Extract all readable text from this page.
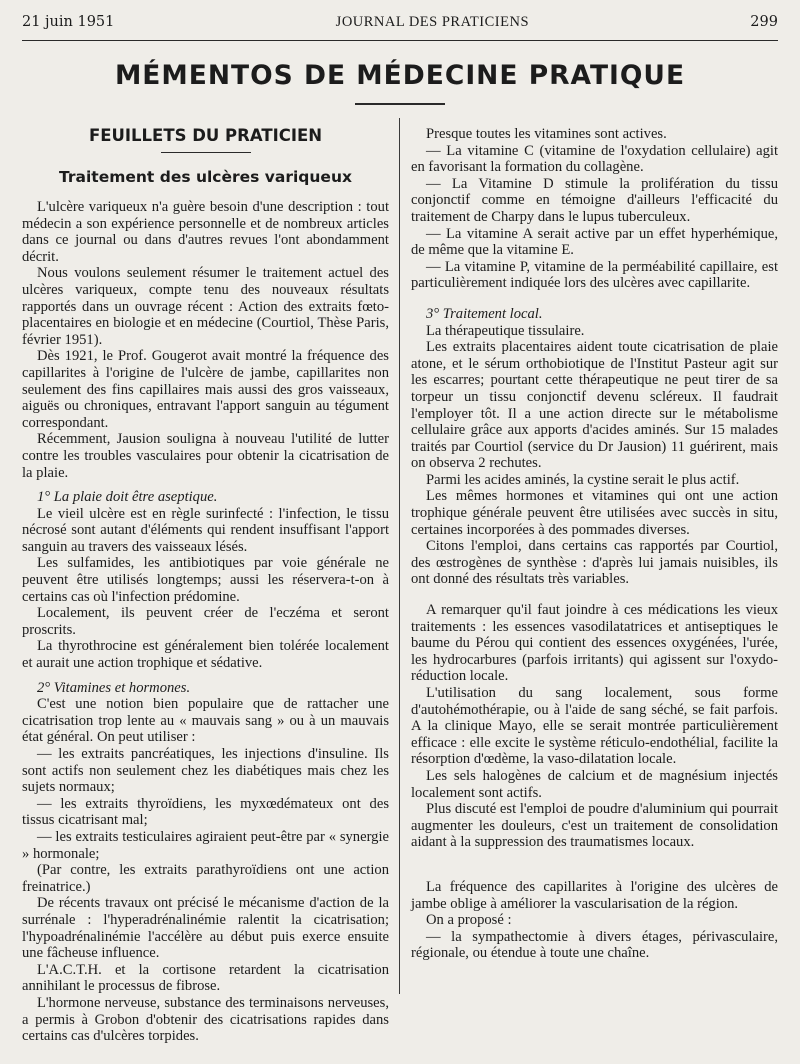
21 juin 1951	JOURNAL DES PRATICIENS	299
MÉMENTOS DE MÉDECINE PRATIQUE
FEUILLETS DU PRATICIEN
Traitement des ulcères variqueux

L'ulcère variqueux n'a guère besoin d'une description : tout médecin a son expérience personnelle et de nombreux articles dans ce journal ou dans d'autres revues l'ont abondamment décrit.

Nous voulons seulement résumer le traitement actuel des ulcères variqueux, compte tenu des nouveaux résultats rapportés dans un ouvrage récent : Action des extraits fœto-placentaires en biologie et en médecine (Courtiol, Thèse Paris, février 1951).

Dès 1921, le Prof. Gougerot avait montré la fréquence des capillarites à l'origine de l'ulcère de jambe, capillarites non seulement des fins capillaires mais aussi des gros vaisseaux, aiguës ou chroniques, entravant l'apport sanguin au tégument correspondant.

Récemment, Jausion souligna à nouveau l'utilité de lutter contre les troubles vasculaires pour obtenir la cicatrisation de la plaie.

1° La plaie doit être aseptique.

Le vieil ulcère est en règle surinfecté : l'infection, le tissu nécrosé sont autant d'éléments qui rendent insuffisant l'apport sanguin au travers des vaisseaux lésés.

Les sulfamides, les antibiotiques par voie générale ne peuvent être utilisés longtemps; aussi les réservera-t-on à certains cas où l'infection prédomine.

Localement, ils peuvent créer de l'eczéma et seront proscrits.

La thyrothrocine est généralement bien tolérée localement et aurait une action trophique et sédative.

2° Vitamines et hormones.

C'est une notion bien populaire que de rattacher une cicatrisation trop lente au « mauvais sang » ou à un mauvais état général. On peut utiliser :

— les extraits pancréatiques, les injections d'insuline. Ils sont actifs non seulement chez les diabétiques mais chez les sujets normaux;

— les extraits thyroïdiens, les myxœdémateux ont des tissus cicatrisant mal;

— les extraits testiculaires agiraient peut-être par « synergie » hormonale;

(Par contre, les extraits parathyroïdiens ont une action freinatrice.)

De récents travaux ont précisé le mécanisme d'action de la surrénale : l'hyperadrénalinémie ralentit la cicatrisation; l'hypoadrénalinémie l'accélère au début puis exerce ensuite une fâcheuse influence.

L'A.C.T.H. et la cortisone retardent la cicatrisation annihilant le processus de fibrose.

L'hormone nerveuse, substance des terminaisons nerveuses, a permis à Grobon d'obtenir des cicatrisations rapides dans certains cas d'ulcères torpides.

Presque toutes les vitamines sont actives.

— La vitamine C (vitamine de l'oxydation cellulaire) agit en favorisant la formation du collagène.

— La Vitamine D stimule la prolifération du tissu conjonctif comme en témoigne d'ailleurs l'efficacité du traitement de Charpy dans le lupus tuberculeux.

— La vitamine A serait active par un effet hyperhémique, de même que la vitamine E.

— La vitamine P, vitamine de la perméabilité capillaire, est particulièrement indiquée lors des ulcères avec capillarite.

3° Traitement local.

La thérapeutique tissulaire.

Les extraits placentaires aident toute cicatrisation de plaie atone, et le sérum orthobiotique de l'Institut Pasteur agit sur les escarres; pourtant cette thérapeutique ne peut tirer de sa torpeur un tissu conjonctif devenu scléreux. Il faudrait l'employer tôt. Il a une action directe sur le métabolisme cellulaire grâce aux apports d'acides aminés. Sur 15 malades traités par Courtiol (service du Dr Jausion) 11 guérirent, mais on observa 2 rechutes.

Parmi les acides aminés, la cystine serait le plus actif.

Les mêmes hormones et vitamines qui ont une action trophique générale peuvent être utilisées avec succès in situ, certaines incorporées à des pommades diverses.

Citons l'emploi, dans certains cas rapportés par Courtiol, des œstrogènes de synthèse : d'après lui jamais nuisibles, ils ont donné des résultats très variables.

A remarquer qu'il faut joindre à ces médications les vieux traitements : les essences vasodilatatrices et antiseptiques le baume du Pérou qui contient des essences oxygénées, l'urée, les hydrocarbures (parfois irritants) qui agissent sur l'oxydo-réduction locale.

L'utilisation du sang localement, sous forme d'autohémothérapie, ou à l'aide de sang séché, se fait parfois. A la clinique Mayo, elle se serait montrée particulièrement efficace : elle excite le système réticulo-endothélial, facilite la résorption d'œdème, la vaso-dilatation locale.

Les sels halogènes de calcium et de magnésium injectés localement sont actifs.

Plus discuté est l'emploi de poudre d'aluminium qui pourrait augmenter les douleurs, c'est un traitement de consolidation aidant à la suppression des traumatismes locaux.

La fréquence des capillarites à l'origine des ulcères de jambe oblige à améliorer la vascularisation de la région.

On a proposé :

— la sympathectomie à divers étages, périvasculaire, régionale, ou étendue à toute une chaîne.
